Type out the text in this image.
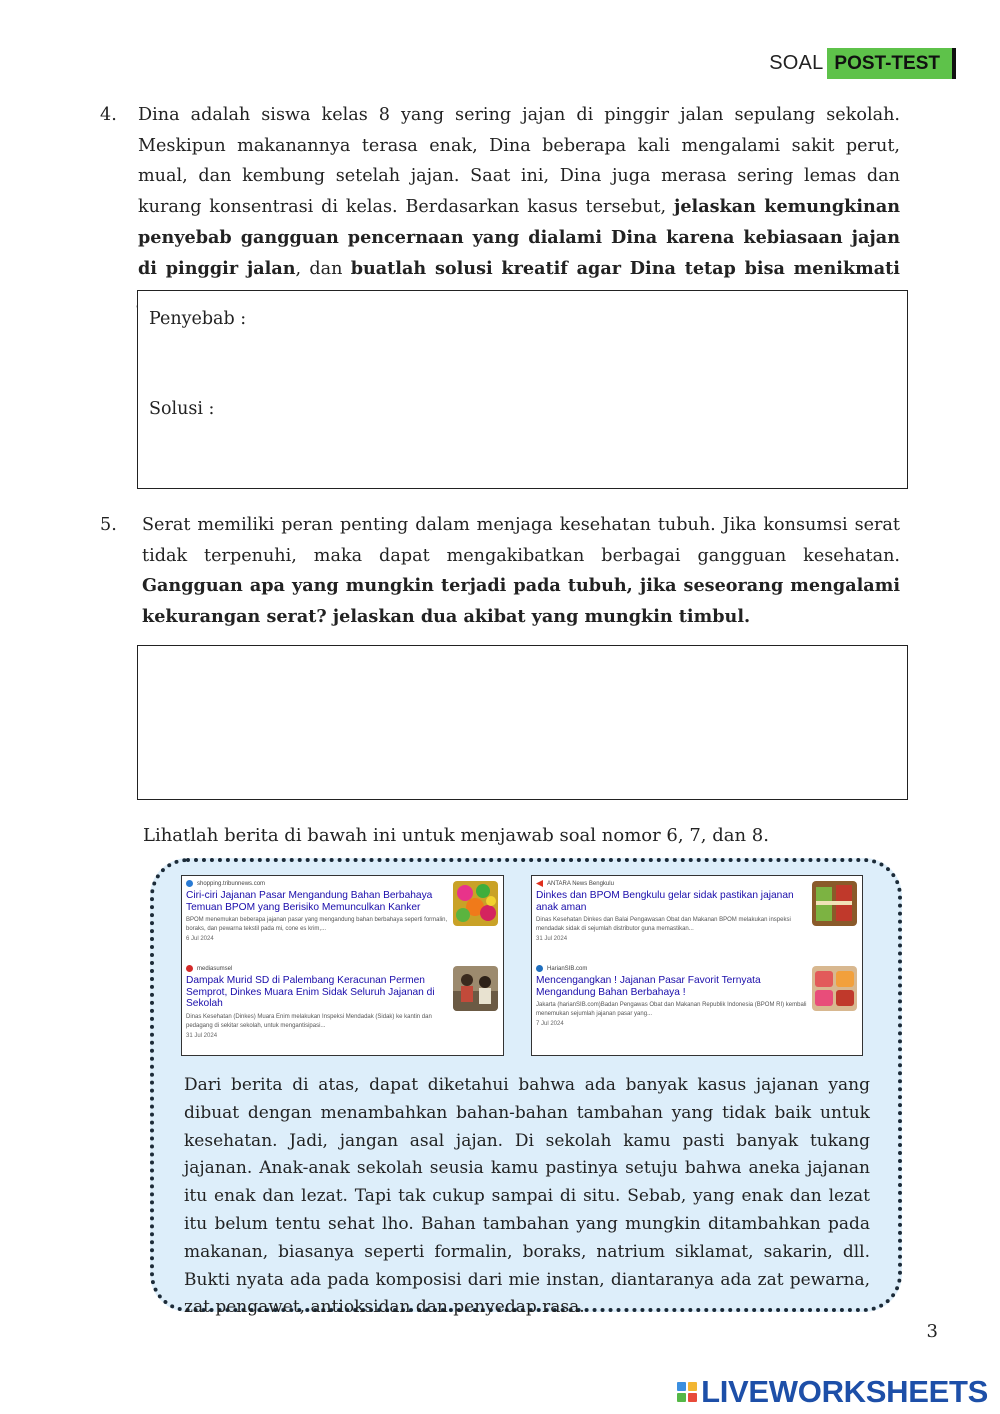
SOAL POST-TEST
4. Dina adalah siswa kelas 8 yang sering jajan di pinggir jalan sepulang sekolah. Meskipun makanannya terasa enak, Dina beberapa kali mengalami sakit perut, mual, dan kembung setelah jajan. Saat ini, Dina juga merasa sering lemas dan kurang konsentrasi di kelas. Berdasarkan kasus tersebut, jelaskan kemungkinan penyebab gangguan pencernaan yang dialami Dina karena kebiasaan jajan di pinggir jalan, dan buatlah solusi kreatif agar Dina tetap bisa menikmati
Penyebab :
Solusi :
5. Serat memiliki peran penting dalam menjaga kesehatan tubuh. Jika konsumsi serat tidak terpenuhi, maka dapat mengakibatkan berbagai gangguan kesehatan. Gangguan apa yang mungkin terjadi pada tubuh, jika seseorang mengalami kekurangan serat? jelaskan dua akibat yang mungkin timbul.
Lihatlah berita di bawah ini untuk menjawab soal nomor 6, 7, dan 8.
shopping.tribunnews.com
Ciri-ciri Jajanan Pasar Mengandung Bahan Berbahaya Temuan BPOM yang Berisiko Memunculkan Kanker
BPOM menemukan beberapa jajanan pasar yang mengandung bahan berbahaya seperti formalin, boraks, dan pewarna tekstil pada mi, cone es krim,...
6 Jul 2024
mediasumsel
Dampak Murid SD di Palembang Keracunan Permen Semprot, Dinkes Muara Enim Sidak Seluruh Jajanan di Sekolah
Dinas Kesehatan (Dinkes) Muara Enim melakukan Inspeksi Mendadak (Sidak) ke kantin dan pedagang di sekitar sekolah, untuk mengantisipasi...
31 Jul 2024
ANTARA News Bengkulu
Dinkes dan BPOM Bengkulu gelar sidak pastikan jajanan anak aman
Dinas Kesehatan Dinkes dan Balai Pengawasan Obat dan Makanan BPOM melakukan inspeksi mendadak sidak di sejumlah distributor guna memastikan...
31 Jul 2024
HarianSIB.com
Mencengangkan ! Jajanan Pasar Favorit Ternyata Mengandung Bahan Berbahaya !
Jakarta (harianSIB.com)Badan Pengawas Obat dan Makanan Republik Indonesia (BPOM RI) kembali menemukan sejumlah jajanan pasar yang...
7 Jul 2024
Dari berita di atas, dapat diketahui bahwa ada banyak kasus jajanan yang dibuat dengan menambahkan bahan-bahan tambahan yang tidak baik untuk kesehatan. Jadi, jangan asal jajan. Di sekolah kamu pasti banyak tukang jajanan. Anak-anak sekolah seusia kamu pastinya setuju bahwa aneka jajanan itu enak dan lezat. Tapi tak cukup sampai di situ. Sebab, yang enak dan lezat itu belum tentu sehat lho. Bahan tambahan yang mungkin ditambahkan pada makanan, biasanya seperti formalin, boraks, natrium siklamat, sakarin, dll. Bukti nyata ada pada komposisi dari mie instan, diantaranya ada zat pewarna, zat pengawet, antioksidan dan penyedap rasa.
3
LIVEWORKSHEETS
